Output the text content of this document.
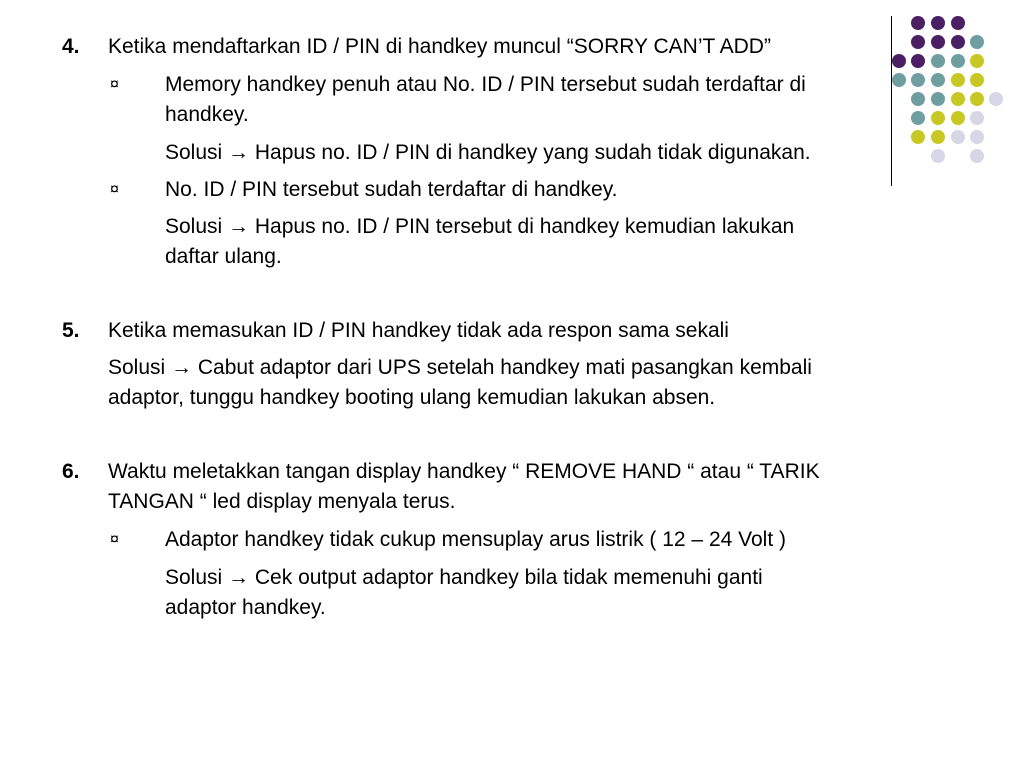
4. Ketika mendaftarkan ID / PIN di handkey muncul “SORRY CAN’T ADD”
¤ Memory handkey penuh atau No. ID / PIN tersebut sudah terdaftar di
handkey.
Solusi → Hapus no. ID / PIN di handkey yang sudah tidak digunakan.
¤ No. ID / PIN tersebut sudah terdaftar di handkey.
Solusi → Hapus no. ID / PIN tersebut di handkey kemudian lakukan
daftar ulang.
5. Ketika memasukan ID / PIN handkey tidak ada respon sama sekali
Solusi → Cabut adaptor dari UPS setelah handkey mati pasangkan kembali
adaptor, tunggu handkey booting ulang kemudian lakukan absen.
6. Waktu meletakkan tangan display handkey “ REMOVE HAND “ atau “ TARIK
TANGAN “ led display menyala terus.
¤ Adaptor handkey tidak cukup mensuplay arus listrik ( 12 – 24 Volt )
Solusi → Cek output adaptor handkey bila tidak memenuhi ganti
adaptor handkey.
